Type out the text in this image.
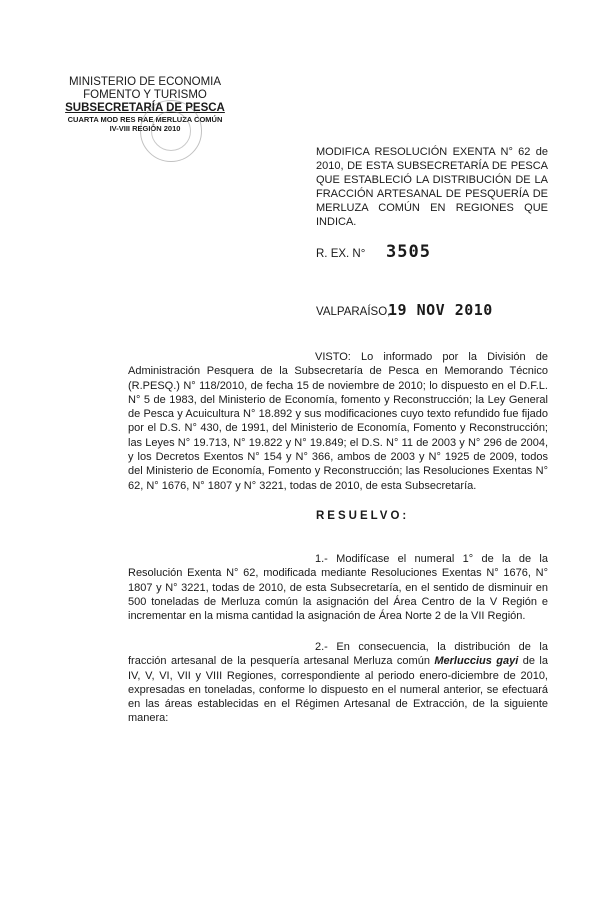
MINISTERIO DE ECONOMIA
FOMENTO Y TURISMO
SUBSECRETARÍA DE PESCA
CUARTA MOD RES RAE MERLUZA COMÚN
IV-VIII REGIÓN 2010
MODIFICA RESOLUCIÓN EXENTA N° 62 de 2010, DE ESTA SUBSECRETARÍA DE PESCA QUE ESTABLECIÓ LA DISTRIBUCIÓN DE LA FRACCIÓN ARTESANAL DE PESQUERÍA DE MERLUZA COMÚN EN REGIONES QUE INDICA.
R. EX. N° 3505
VALPARAÍSO,
19 NOV 2010
VISTO: Lo informado por la División de Administración Pesquera de la Subsecretaría de Pesca en Memorando Técnico (R.PESQ.) N° 118/2010, de fecha 15 de noviembre de 2010; lo dispuesto en el D.F.L. N° 5 de 1983, del Ministerio de Economía, fomento y Reconstrucción; la Ley General de Pesca y Acuicultura N° 18.892 y sus modificaciones cuyo texto refundido fue fijado por el D.S. N° 430, de 1991, del Ministerio de Economía, Fomento y Reconstrucción; las Leyes N° 19.713, N° 19.822 y N° 19.849; el D.S. N° 11 de 2003 y N° 296 de 2004, y los Decretos Exentos N° 154 y N° 366, ambos de 2003 y N° 1925 de 2009, todos del Ministerio de Economía, Fomento y Reconstrucción; las Resoluciones Exentas N° 62, N° 1676, N° 1807 y N° 3221, todas de 2010, de esta Subsecretaría.
RESUELVO:
1.- Modifícase el numeral 1° de la de la Resolución Exenta N° 62, modificada mediante Resoluciones Exentas N° 1676, N° 1807 y N° 3221, todas de 2010, de esta Subsecretaría, en el sentido de disminuir en 500 toneladas de Merluza común la asignación del Área Centro de la V Región e incrementar en la misma cantidad la asignación de Área Norte 2 de la VII Región.
2.- En consecuencia, la distribución de la fracción artesanal de la pesquería artesanal Merluza común Merluccius gayi de la IV, V, VI, VII y VIII Regiones, correspondiente al periodo enero-diciembre de 2010, expresadas en toneladas, conforme lo dispuesto en el numeral anterior, se efectuará en las áreas establecidas en el Régimen Artesanal de Extracción, de la siguiente manera:
